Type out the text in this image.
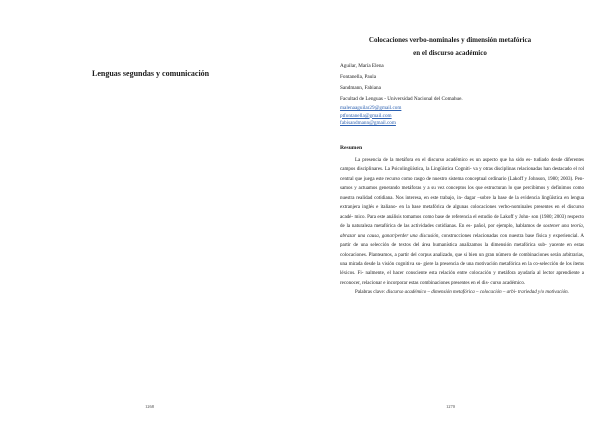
Lenguas segundas y comunicación
1268
Colocaciones verbo-nominales y dimensión metafórica
en el discurso académico
Aguilar, María Elena
Fontanella, Paula
Sandmann, Fabiana
Facultad de Lenguas - Universidad Nacional del Comahue.
malenaaguilar29@gmail.com
ptfontanella@gmail.com
fabisandmann@gmail.com
Resumen

La presencia de la metáfora en el discurso académico es un aspecto que ha sido es- tudiado desde diferentes campos disciplinares. La Psicolingüística, la Lingüística Cogniti- va y otras disciplinas relacionadas han destacado el rol central que juega este recurso como rasgo de nuestro sistema conceptual ordinario (Lakoff y Johnson, 1980; 2003). Pen- samos y actuamos generando metáforas y a su vez conceptos los que estructuran lo que percibimos y definimos como nuestra realidad cotidiana. Nos interesa, en este trabajo, in- dagar –sobre la base de la evidencia lingüística en lengua extranjera inglés e italiano- en la base metafórica de algunas colocaciones verbo-nominales presentes en el discurso acadé- mico. Para este análisis tomamos como base de referencia el estudio de Lakoff y John- son (1980; 2003) respecto de la naturaleza metafórica de las actividades cotidianas. En es- pañol, por ejemplo, hablamos de sostener una teoría, abrazar una causa, ganar/perder una discusión, construcciones relacionadas con nuestra base física y experiencial. A partir de una selección de textos del área humanística analizamos la dimensión metafórica sub- yacente en estas colocaciones. Planteamos, a partir del corpus analizado, que si bien un gran número de combinaciones serán arbitrarias, una mirada desde la visión cognitiva su- giere la presencia de una motivación metafórica en la co-selección de los ítems léxicos. Fi- nalmente, el hacer consciente esta relación entre colocación y metáfora ayudaría al lector aprendiente a reconocer, relacionar e incorporar estas combinaciones presentes en el dis- curso académico.

Palabras clave: discurso académico – dimensión metafórica – colocación – arbi- trariedad y/o motivación.

1270
